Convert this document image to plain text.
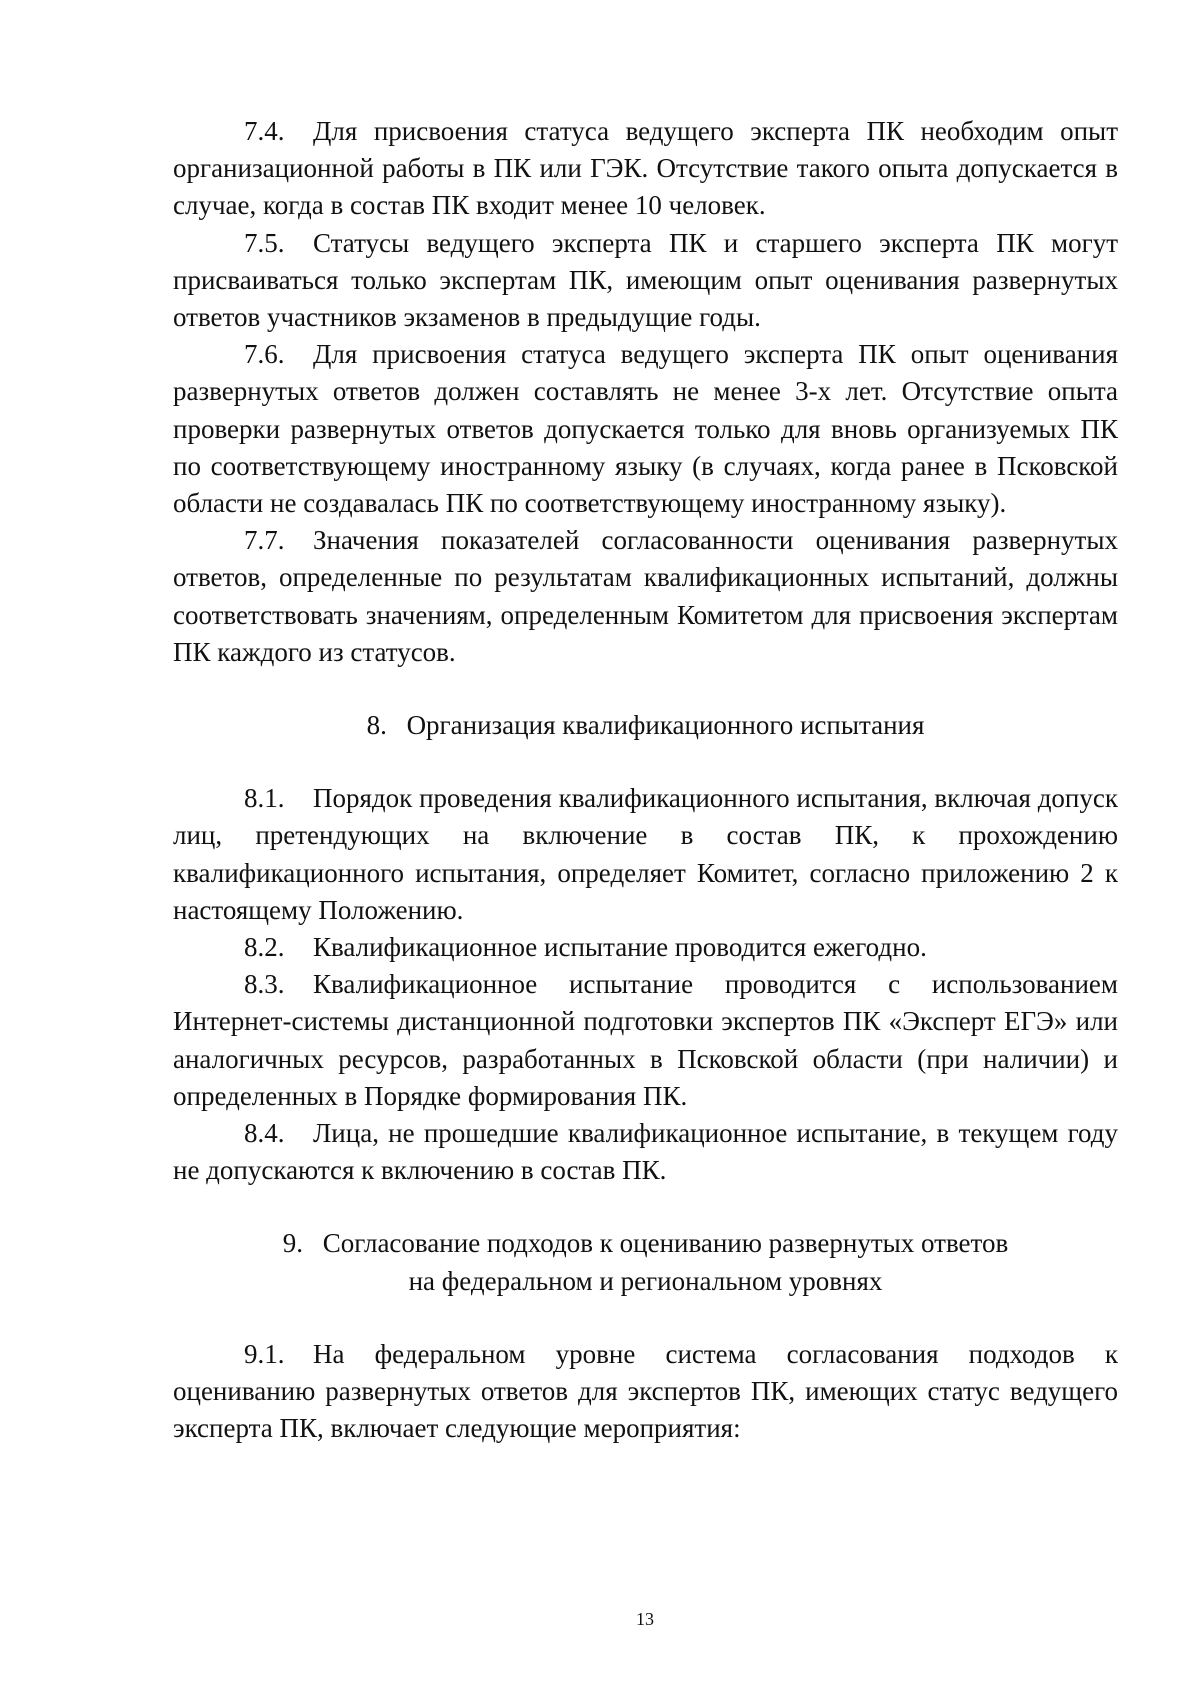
7.4. Для присвоения статуса ведущего эксперта ПК необходим опыт организационной работы в ПК или ГЭК. Отсутствие такого опыта допускается в случае, когда в состав ПК входит менее 10 человек.

7.5. Статусы ведущего эксперта ПК и старшего эксперта ПК могут присваиваться только экспертам ПК, имеющим опыт оценивания развернутых ответов участников экзаменов в предыдущие годы.

7.6. Для присвоения статуса ведущего эксперта ПК опыт оценивания развернутых ответов должен составлять не менее 3-х лет. Отсутствие опыта проверки развернутых ответов допускается только для вновь организуемых ПК по соответствующему иностранному языку (в случаях, когда ранее в Псковской области не создавалась ПК по соответствующему иностранному языку).

7.7. Значения показателей согласованности оценивания развернутых ответов, определенные по результатам квалификационных испытаний, должны соответствовать значениям, определенным Комитетом для присвоения экспертам ПК каждого из статусов.

8. Организация квалификационного испытания

8.1. Порядок проведения квалификационного испытания, включая допуск лиц, претендующих на включение в состав ПК, к прохождению квалификационного испытания, определяет Комитет, согласно приложению 2 к настоящему Положению.

8.2. Квалификационное испытание проводится ежегодно.

8.3. Квалификационное испытание проводится с использованием Интернет-системы дистанционной подготовки экспертов ПК «Эксперт ЕГЭ» или аналогичных ресурсов, разработанных в Псковской области (при наличии) и определенных в Порядке формирования ПК.

8.4. Лица, не прошедшие квалификационное испытание, в текущем году не допускаются к включению в состав ПК.

9. Согласование подходов к оцениванию развернутых ответов
на федеральном и региональном уровнях

9.1. На федеральном уровне система согласования подходов к оцениванию развернутых ответов для экспертов ПК, имеющих статус ведущего эксперта ПК, включает следующие мероприятия:

13
